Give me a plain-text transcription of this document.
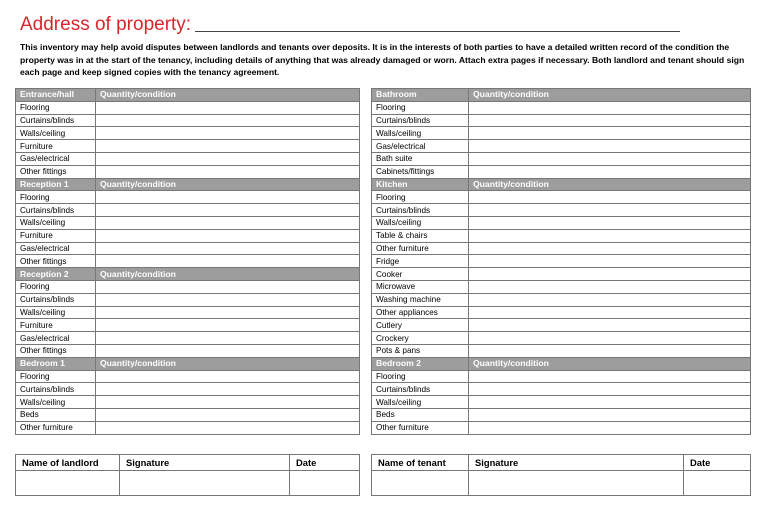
Address of property:
This inventory may help avoid disputes between landlords and tenants over deposits. It is in the interests of both parties to have a detailed written record of the condition the property was in at the start of the tenancy, including details of anything that was already damaged or worn. Attach extra pages if necessary. Both landlord and tenant should sign each page and keep signed copies with the tenancy agreement.
Entrance/hall	Quantity/condition
Flooring	
Curtains/blinds	
Walls/ceiling	
Furniture	
Gas/electrical	
Other fittings	
Reception 1	Quantity/condition
Flooring	
Curtains/blinds	
Walls/ceiling	
Furniture	
Gas/electrical	
Other fittings	
Reception 2	Quantity/condition
Flooring	
Curtains/blinds	
Walls/ceiling	
Furniture	
Gas/electrical	
Other fittings	
Bedroom 1	Quantity/condition
Flooring	
Curtains/blinds	
Walls/ceiling	
Beds	
Other furniture	
Bathroom	Quantity/condition
Flooring	
Curtains/blinds	
Walls/ceiling	
Gas/electrical	
Bath suite	
Cabinets/fittings	
Kitchen	Quantity/condition
Flooring	
Curtains/blinds	
Walls/ceiling	
Table & chairs	
Other furniture	
Fridge	
Cooker	
Microwave	
Washing machine	
Other appliances	
Cutlery	
Crockery	
Pots & pans	
Bedroom 2	Quantity/condition
Flooring	
Curtains/blinds	
Walls/ceiling	
Beds	
Other furniture	
Name of landlord	Signature	Date
			Name of tenant	Signature	Date
